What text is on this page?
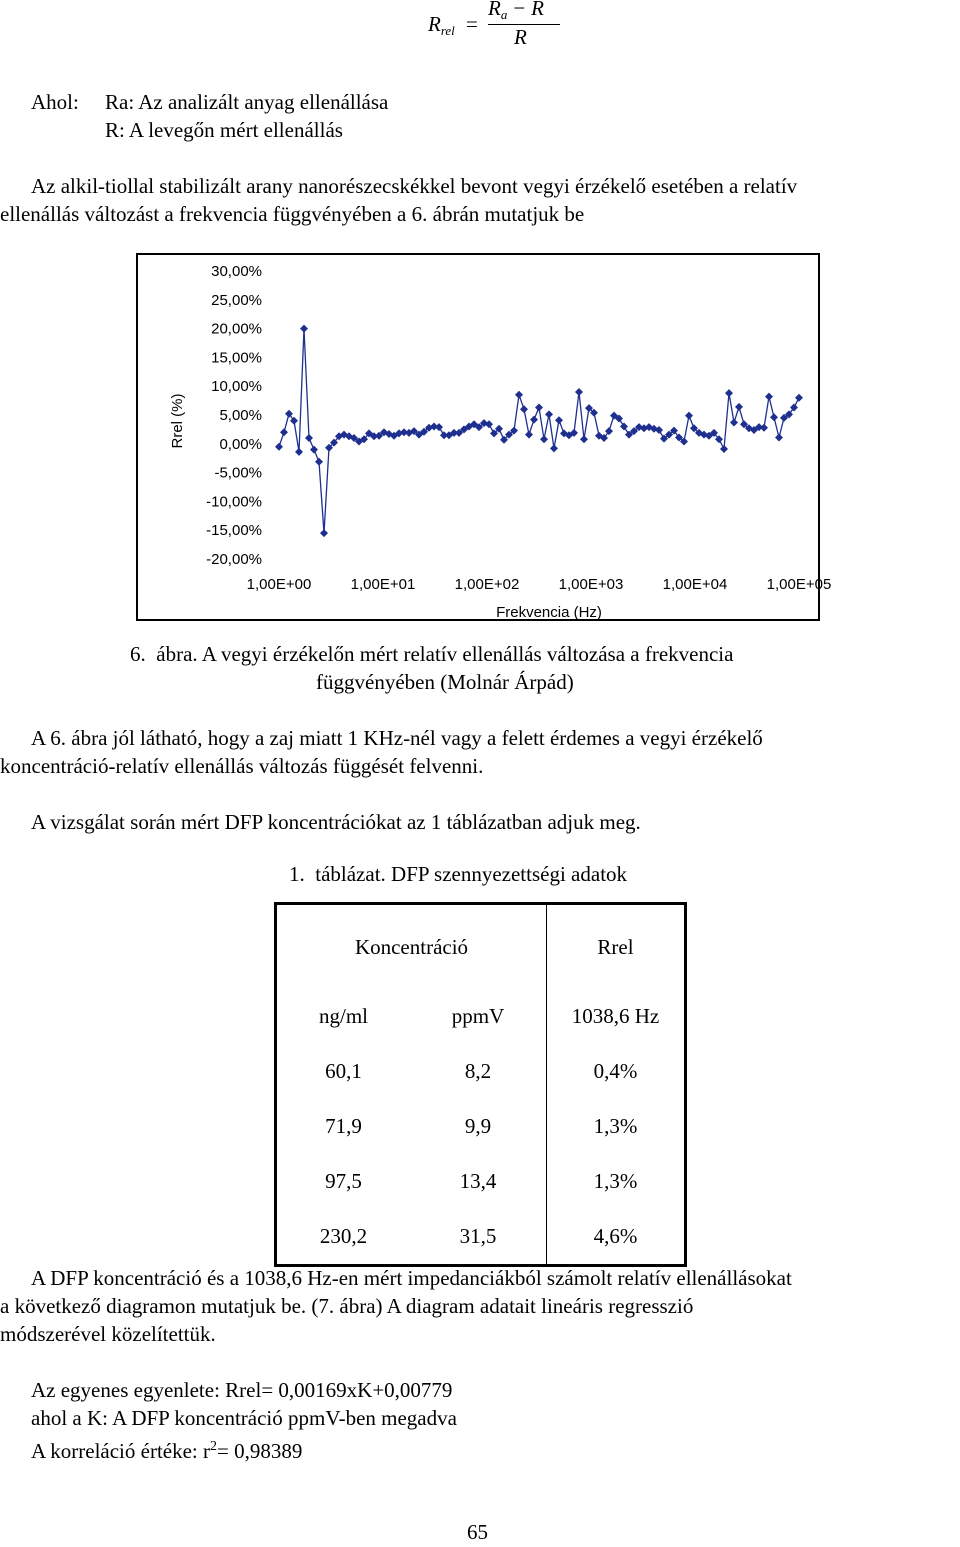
$R_{rel}$ =
$R_a - R$
R
Ahol: Ra: Az analizált anyag ellenállása
R: A levegőn mért ellenállás
Az alkil-tiollal stabilizált arany nanorészecskékkel bevont vegyi érzékelő esetében a relatív
ellenállás változást a frekvencia függvényében a 6. ábrán mutatjuk be
30,00%
25,00%
20,00%
15,00%
10,00%
5,00%
0,00%
-5,00%
-10,00%
-15,00%
-20,00%
1,00E+00	1,00E+01	1,00E+02	1,00E+03	1,00E+04	1,00E+05
Rrel (%)
Frekvencia (Hz)
6.  ábra. A vegyi érzékelőn mért relatív ellenállás változása a frekvencia
függvényében (Molnár Árpád)
A 6. ábra jól látható, hogy a zaj miatt 1 KHz-nél vagy a felett érdemes a vegyi érzékelő
koncentráció-relatív ellenállás változás függését felvenni.
A vizsgálat során mért DFP koncentrációkat az 1 táblázatban adjuk meg.
1.  táblázat. DFP szennyezettségi adatok
Koncentráció		Rrel
ng/ml	ppmV	1038,6 Hz
60,1	8,2	0,4%
71,9	9,9	1,3%
97,5	13,4	1,3%
230,2	31,5	4,6%
A DFP koncentráció és a 1038,6 Hz-en mért impedanciákból számolt relatív ellenállásokat
a következő diagramon mutatjuk be. (7. ábra) A diagram adatait lineáris regresszió
módszerével közelítettük.
Az egyenes egyenlete: Rrel= 0,00169xK+0,00779
ahol a K: A DFP koncentráció ppmV-ben megadva
A korreláció értéke: $r^2= 0,98389$
65
